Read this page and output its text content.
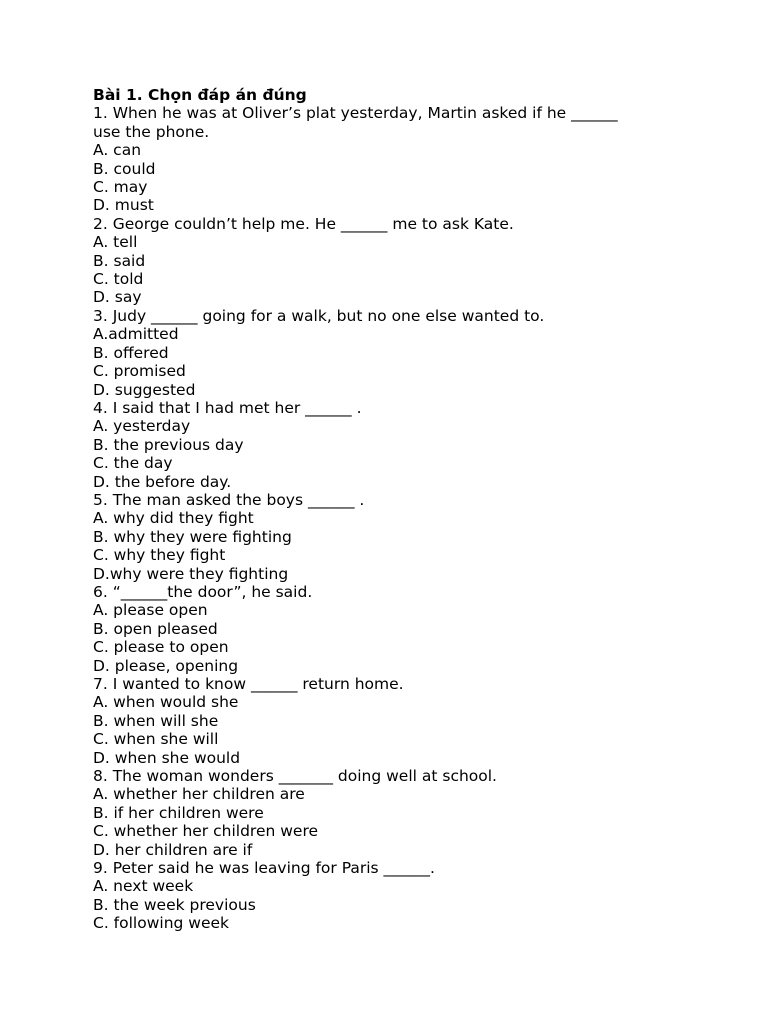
Bài 1. Chọn đáp án đúng
1. When he was at Oliver’s plat yesterday, Martin asked if he ______
use the phone.
A. can
B. could
C. may
D. must
2. George couldn’t help me. He ______ me to ask Kate.
A. tell
B. said
C. told
D. say
3. Judy ______ going for a walk, but no one else wanted to.
A.admitted
B. offered
C. promised
D. suggested
4. I said that I had met her ______ .
A. yesterday
B. the previous day
C. the day
D. the before day.
5. The man asked the boys ______ .
A. why did they fight
B. why they were fighting
C. why they fight
D.why were they fighting
6. “______the door”, he said.
A. please open
B. open pleased
C. please to open
D. please, opening
7. I wanted to know ______ return home.
A. when would she
B. when will she
C. when she will
D. when she would
8. The woman wonders _______ doing well at school.
A. whether her children are
B. if her children were
C. whether her children were
D. her children are if
9. Peter said he was leaving for Paris ______.
A. next week
B. the week previous
C. following week
